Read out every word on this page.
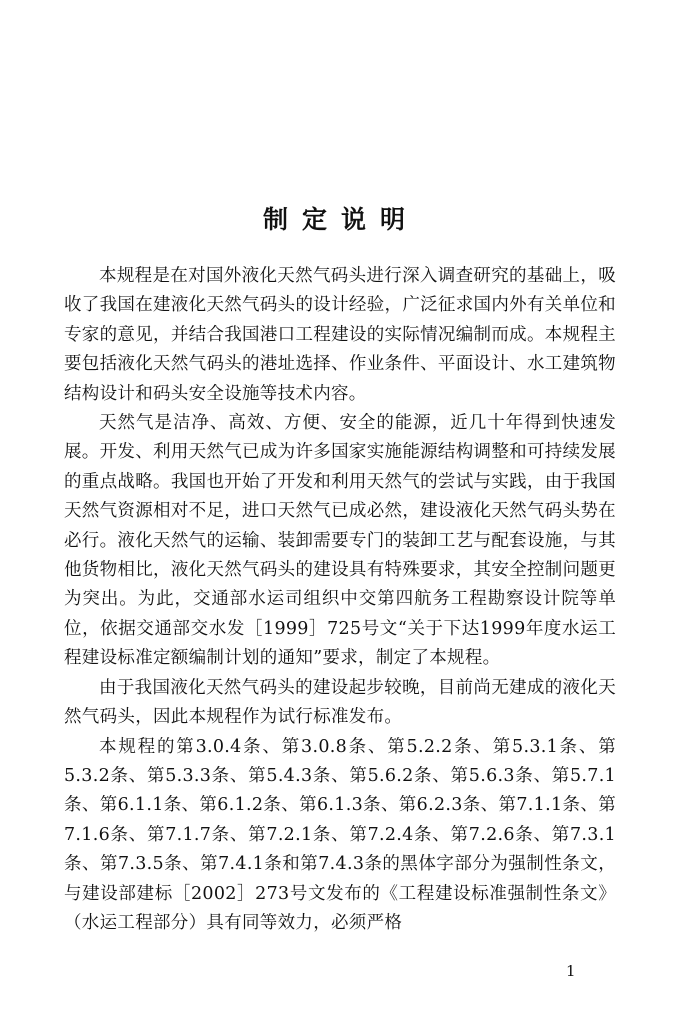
制定说明

本规程是在对国外液化天然气码头进行深入调查研究的基础上，吸收了我国在建液化天然气码头的设计经验，广泛征求国内外有关单位和专家的意见，并结合我国港口工程建设的实际情况编制而成。本规程主要包括液化天然气码头的港址选择、作业条件、平面设计、水工建筑物结构设计和码头安全设施等技术内容。

天然气是洁净、高效、方便、安全的能源，近几十年得到快速发展。开发、利用天然气已成为许多国家实施能源结构调整和可持续发展的重点战略。我国也开始了开发和利用天然气的尝试与实践，由于我国天然气资源相对不足，进口天然气已成必然，建设液化天然气码头势在必行。液化天然气的运输、装卸需要专门的装卸工艺与配套设施，与其他货物相比，液化天然气码头的建设具有特殊要求，其安全控制问题更为突出。为此，交通部水运司组织中交第四航务工程勘察设计院等单位，依据交通部交水发［1999］725号文“关于下达1999年度水运工程建设标准定额编制计划的通知”要求，制定了本规程。

由于我国液化天然气码头的建设起步较晚，目前尚无建成的液化天然气码头，因此本规程作为试行标准发布。

本规程的第3.0.4条、第3.0.8条、第5.2.2条、第5.3.1条、第5.3.2条、第5.3.3条、第5.4.3条、第5.6.2条、第5.6.3条、第5.7.1条、第6.1.1条、第6.1.2条、第6.1.3条、第6.2.3条、第7.1.1条、第7.1.6条、第7.1.7条、第7.2.1条、第7.2.4条、第7.2.6条、第7.3.1条、第7.3.5条、第7.4.1条和第7.4.3条的黑体字部分为强制性条文，与建设部建标［2002］273号文发布的《工程建设标准强制性条文》（水运工程部分）具有同等效力，必须严格

1
